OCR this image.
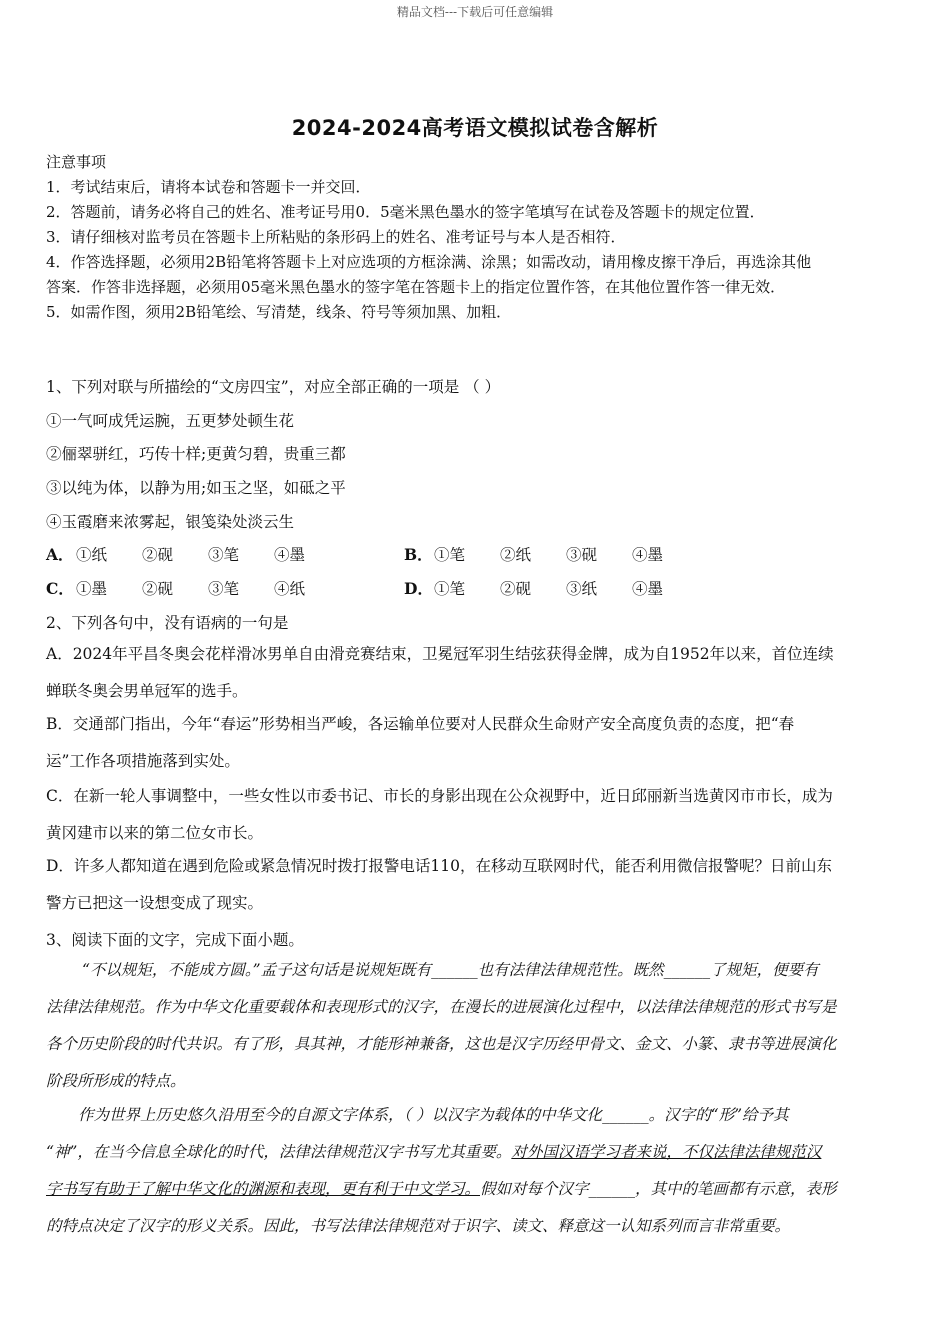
精品文档---下载后可任意编辑
2024-2024高考语文模拟试卷含解析
注意事项
1．考试结束后，请将本试卷和答题卡一并交回．
2．答题前，请务必将自己的姓名、准考证号用0．5毫米黑色墨水的签字笔填写在试卷及答题卡的规定位置．
3．请仔细核对监考员在答题卡上所粘贴的条形码上的姓名、准考证号与本人是否相符．
4．作答选择题，必须用2B铅笔将答题卡上对应选项的方框涂满、涂黑；如需改动，请用橡皮擦干净后，再选涂其他
答案．作答非选择题，必须用05毫米黑色墨水的签字笔在答题卡上的指定位置作答，在其他位置作答一律无效．
5．如需作图，须用2B铅笔绘、写清楚，线条、符号等须加黑、加粗．
1、下列对联与所描绘的“文房四宝”，对应全部正确的一项是 （ ）
①一气呵成凭运腕，五更梦处顿生花
②俪翠骈红，巧传十样;更黄匀碧，贵重三都
③以纯为体，以静为用;如玉之坚，如砥之平
④玉霞磨来浓雾起，银笺染处淡云生
A． ①纸 ②砚 ③笔 ④墨	B．①笔 ②纸 ③砚 ④墨
C． ①墨 ②砚 ③笔 ④纸	D．①笔 ②砚 ③纸 ④墨
2、下列各句中，没有语病的一句是
A．2024年平昌冬奥会花样滑冰男单自由滑竞赛结束，卫冕冠军羽生结弦获得金牌，成为自1952年以来，首位连续
蝉联冬奥会男单冠军的选手。
B．交通部门指出，今年“春运”形势相当严峻，各运输单位要对人民群众生命财产安全高度负责的态度，把“春
运”工作各项措施落到实处。
C．在新一轮人事调整中，一些女性以市委书记、市长的身影出现在公众视野中，近日邱丽新当选黄冈市市长，成为
黄冈建市以来的第二位女市长。
D．许多人都知道在遇到危险或紧急情况时拨打报警电话110，在移动互联网时代，能否利用微信报警呢？日前山东
警方已把这一设想变成了现实。
3、阅读下面的文字，完成下面小题。
“不以规矩，不能成方圆。”孟子这句话是说规矩既有______也有法律法律规范性。既然______了规矩，便要有
法律法律规范。作为中华文化重要载体和表现形式的汉字，在漫长的进展演化过程中，以法律法律规范的形式书写是
各个历史阶段的时代共识。有了形，具其神，才能形神兼备，这也是汉字历经甲骨文、金文、小篆、隶书等进展演化
阶段所形成的特点。
作为世界上历史悠久沿用至今的自源文字体系，（ ）以汉字为载体的中华文化______。汉字的“形”给予其
“神”，在当今信息全球化的时代，法律法律规范汉字书写尤其重要。 对外国汉语学习者来说，不仅法律法律规范汉
字书写有助于了解中华文化的渊源和表现，更有利于中文学习。 假如对每个汉字______，其中的笔画都有示意，表形
的特点决定了汉字的形义关系。因此，书写法律法律规范对于识字、读文、释意这一认知系列而言非常重要。
